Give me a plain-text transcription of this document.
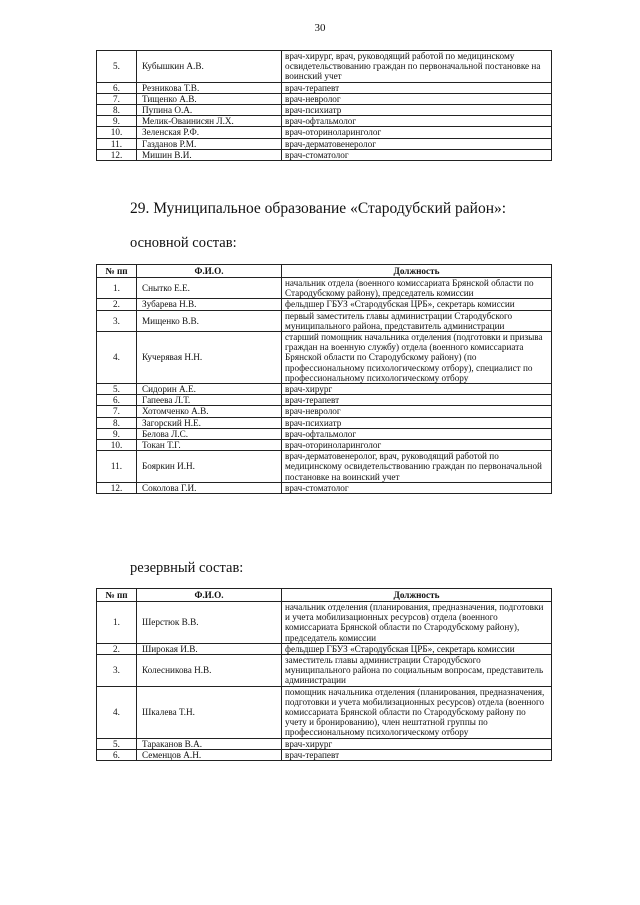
30
5.	Кубышкин А.В.	врач-хирург, врач, руководящий работой по медицинскому освидетельствованию граждан по первоначальной постановке на воинский учет
6.	Резникова Т.В.	врач-терапевт
7.	Тищенко А.В.	врач-невролог
8.	Пупина О.А.	врач-психиатр
9.	Мелик-Оваинисян Л.Х.	врач-офтальмолог
10.	Зеленская Р.Ф.	врач-оториноларинголог
11.	Газданов Р.М.	врач-дерматовенеролог
12.	Мишин В.И.	врач-стоматолог
29. Муниципальное образование «Стародубский район»:
основной состав:
№ пп	Ф.И.О.	Должность
1.	Снытко Е.Е.	начальник отдела (военного комиссариата Брянской области по Стародубскому району), председатель комиссии
2.	Зубарева Н.В.	фельдшер ГБУЗ «Стародубская ЦРБ», секретарь комиссии
3.	Мищенко В.В.	первый заместитель главы администрации Стародубского муниципального района, представитель администрации
4.	Кучерявая Н.Н.	старший помощник начальника отделения (подготовки и призыва граждан на военную службу) отдела (военного комиссариата Брянской области по Стародубскому району) (по профессиональному психологическому отбору), специалист по профессиональному психологическому отбору
5.	Сидорин А.Е.	врач-хирург
6.	Гапеева Л.Т.	врач-терапевт
7.	Хотомченко А.В.	врач-невролог
8.	Загорский Н.Е.	врач-психиатр
9.	Белова Л.С.	врач-офтальмолог
10.	Токан Т.Г.	врач-оториноларинголог
11.	Бояркин И.Н.	врач-дерматовенеролог, врач, руководящий работой по медицинскому освидетельствованию граждан по первоначальной постановке на воинский учет
12.	Соколова Г.И.	врач-стоматолог
резервный состав:
№ пп	Ф.И.О.	Должность
1.	Шерстюк В.В.	начальник отделения (планирования, предназначения, подготовки и учета мобилизационных ресурсов) отдела (военного комиссариата Брянской области по Стародубскому району), председатель комиссии
2.	Широкая И.В.	фельдшер ГБУЗ «Стародубская ЦРБ», секретарь комиссии
3.	Колесникова Н.В.	заместитель главы администрации Стародубского муниципального района по социальным вопросам, представитель администрации
4.	Шкалева Т.Н.	помощник начальника отделения (планирования, предназначения, подготовки и учета мобилизационных ресурсов) отдела (военного комиссариата Брянской области по Стародубскому району по учету и бронированию), член нештатной группы по профессиональному психологическому отбору
5.	Тараканов В.А.	врач-хирург
6.	Семенцов А.Н.	врач-терапевт
